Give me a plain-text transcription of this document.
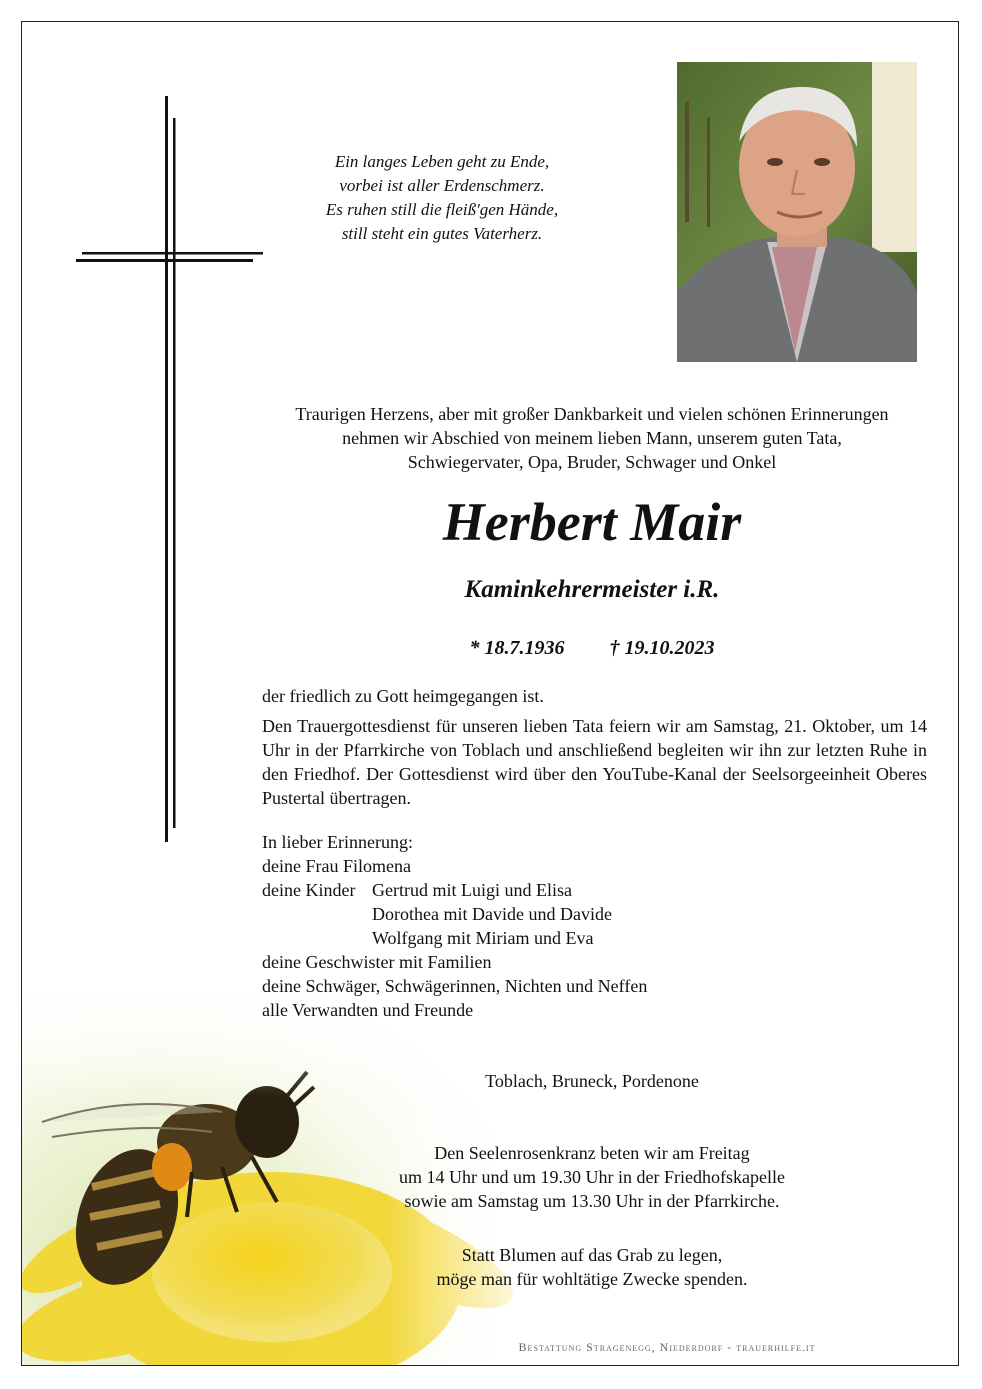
Ein langes Leben geht zu Ende,
vorbei ist aller Erdenschmerz.
Es ruhen still die fleiß'gen Hände,
still steht ein gutes Vaterherz.
Traurigen Herzens, aber mit großer Dankbarkeit und vielen schönen Erinnerungen
nehmen wir Abschied von meinem lieben Mann, unserem guten Tata,
Schwiegervater, Opa, Bruder, Schwager und Onkel
Herbert Mair
Kaminkehrermeister i.R.
* 18.7.1936 † 19.10.2023

der friedlich zu Gott heimgegangen ist.

Den Trauergottesdienst für unseren lieben Tata feiern wir am Samstag, 21. Oktober, um 14 Uhr in der Pfarrkirche von Toblach und anschließend begleiten wir ihn zur letzten Ruhe in den Friedhof. Der Gottesdienst wird über den YouTube-Kanal der Seelsorgeeinheit Oberes Pustertal übertragen.

In lieber Erinnerung:
deine Frau Filomena
deine Kinder Gertrud mit Luigi und Elisa
Dorothea mit Davide und Davide
Wolfgang mit Miriam und Eva
deine Geschwister mit Familien
deine Schwäger, Schwägerinnen, Nichten und Neffen
alle Verwandten und Freunde
Toblach, Bruneck, Pordenone
Den Seelenrosenkranz beten wir am Freitag
um 14 Uhr und um 19.30 Uhr in der Friedhofskapelle
sowie am Samstag um 13.30 Uhr in der Pfarrkirche.
Statt Blumen auf das Grab zu legen,
möge man für wohltätige Zwecke spenden.
Bestattung Stragenegg, Niederdorf - trauerhilfe.it
